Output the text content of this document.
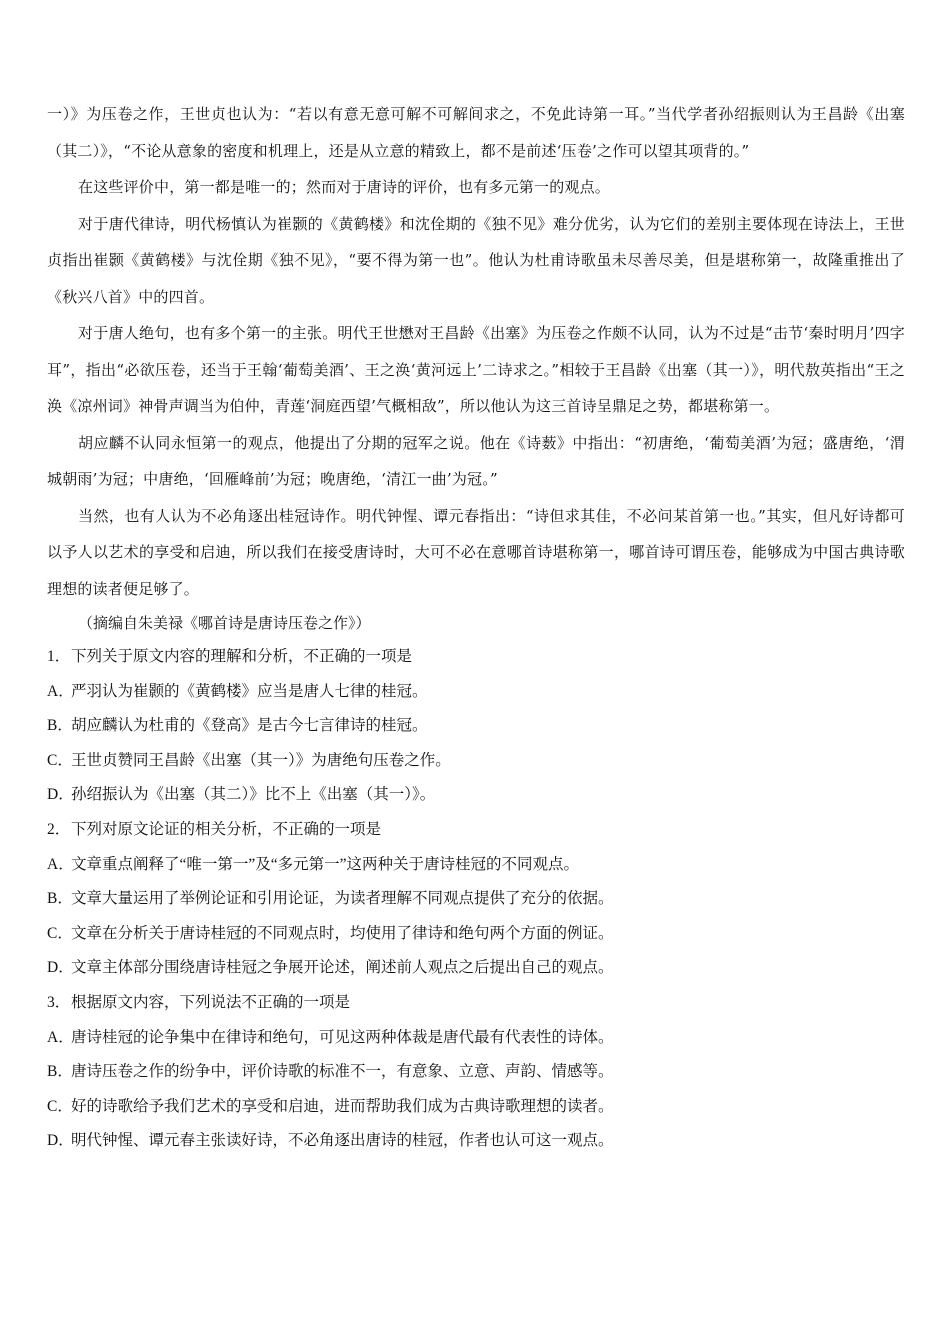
一）》为压卷之作，王世贞也认为：“若以有意无意可解不可解间求之，不免此诗第一耳。”当代学者孙绍振则认为王昌龄《出塞（其二）》，“不论从意象的密度和机理上，还是从立意的精致上，都不是前述‘压卷’之作可以望其项背的。”

在这些评价中，第一都是唯一的；然而对于唐诗的评价，也有多元第一的观点。

对于唐代律诗，明代杨慎认为崔颢的《黄鹤楼》和沈佺期的《独不见》难分优劣，认为它们的差别主要体现在诗法上，王世贞指出崔颢《黄鹤楼》与沈佺期《独不见》，“要不得为第一也”。他认为杜甫诗歌虽未尽善尽美，但是堪称第一，故隆重推出了《秋兴八首》中的四首。

对于唐人绝句，也有多个第一的主张。明代王世懋对王昌龄《出塞》为压卷之作颇不认同，认为不过是“击节‘秦时明月’四字耳”，指出“必欲压卷，还当于王翰‘葡萄美酒’、王之涣‘黄河远上’二诗求之。”相较于王昌龄《出塞（其一）》，明代敖英指出“王之涣《凉州词》神骨声调当为伯仲，青莲‘洞庭西望’气概相敌”，所以他认为这三首诗呈鼎足之势，都堪称第一。

胡应麟不认同永恒第一的观点，他提出了分期的冠军之说。他在《诗薮》中指出：“初唐绝，‘葡萄美酒’为冠；盛唐绝，‘渭城朝雨’为冠；中唐绝，‘回雁峰前’为冠；晚唐绝，‘清江一曲’为冠。”

当然，也有人认为不必角逐出桂冠诗作。明代钟惺、谭元春指出：“诗但求其佳，不必问某首第一也。”其实，但凡好诗都可以予人以艺术的享受和启迪，所以我们在接受唐诗时，大可不必在意哪首诗堪称第一，哪首诗可谓压卷，能够成为中国古典诗歌理想的读者便足够了。

（摘编自朱美禄《哪首诗是唐诗压卷之作》）

1．下列关于原文内容的理解和分析，不正确的一项是

A．严羽认为崔颢的《黄鹤楼》应当是唐人七律的桂冠。

B．胡应麟认为杜甫的《登高》是古今七言律诗的桂冠。

C．王世贞赞同王昌龄《出塞（其一）》为唐绝句压卷之作。

D．孙绍振认为《出塞（其二）》比不上《出塞（其一）》。

2．下列对原文论证的相关分析，不正确的一项是

A．文章重点阐释了“唯一第一”及“多元第一”这两种关于唐诗桂冠的不同观点。

B．文章大量运用了举例论证和引用论证，为读者理解不同观点提供了充分的依据。

C．文章在分析关于唐诗桂冠的不同观点时，均使用了律诗和绝句两个方面的例证。

D．文章主体部分围绕唐诗桂冠之争展开论述，阐述前人观点之后提出自己的观点。

3．根据原文内容，下列说法不正确的一项是

A．唐诗桂冠的论争集中在律诗和绝句，可见这两种体裁是唐代最有代表性的诗体。

B．唐诗压卷之作的纷争中，评价诗歌的标准不一，有意象、立意、声韵、情感等。

C．好的诗歌给予我们艺术的享受和启迪，进而帮助我们成为古典诗歌理想的读者。

D．明代钟惺、谭元春主张读好诗，不必角逐出唐诗的桂冠，作者也认可这一观点。
